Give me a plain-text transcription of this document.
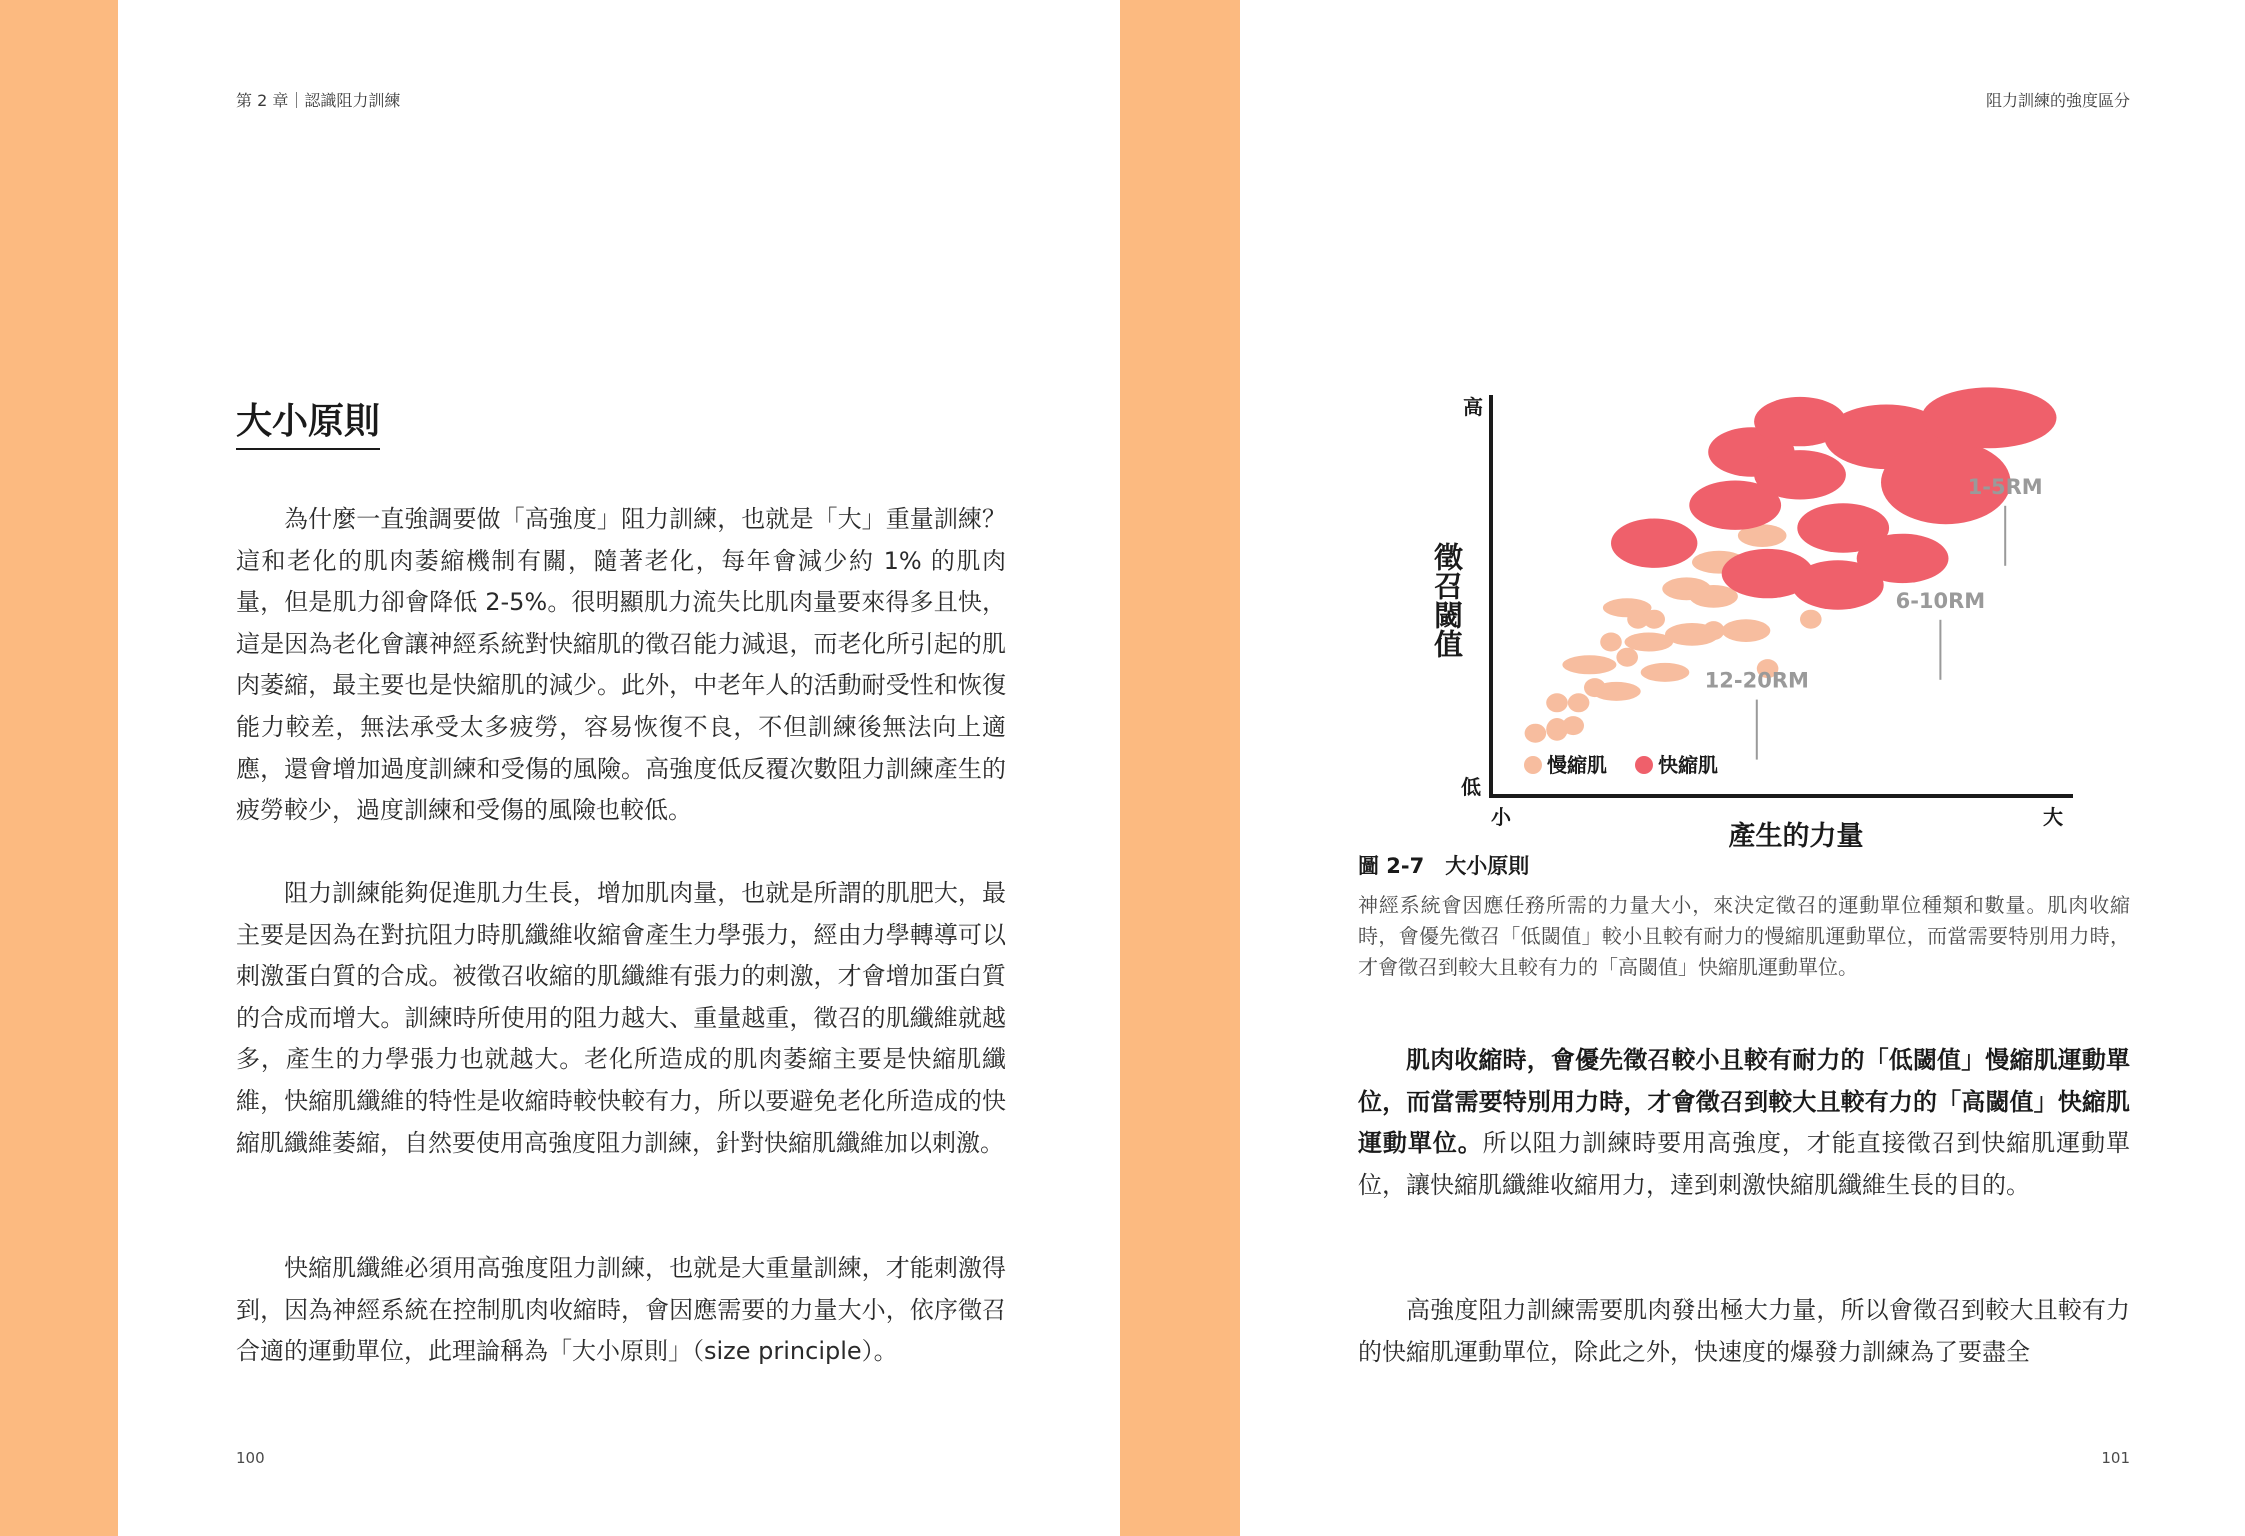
第 2 章｜認識阻力訓練
大小原則

為什麼一直強調要做「高強度」阻力訓練，也就是「大」重量訓練？這和老化的肌肉萎縮機制有關，隨著老化，每年會減少約 1% 的肌肉量，但是肌力卻會降低 2-5%。很明顯肌力流失比肌肉量要來得多且快，這是因為老化會讓神經系統對快縮肌的徵召能力減退，而老化所引起的肌肉萎縮，最主要也是快縮肌的減少。此外，中老年人的活動耐受性和恢復能力較差，無法承受太多疲勞，容易恢復不良，不但訓練後無法向上適應，還會增加過度訓練和受傷的風險。高強度低反覆次數阻力訓練產生的疲勞較少，過度訓練和受傷的風險也較低。

阻力訓練能夠促進肌力生長，增加肌肉量，也就是所謂的肌肥大，最主要是因為在對抗阻力時肌纖維收縮會產生力學張力，經由力學轉導可以刺激蛋白質的合成。被徵召收縮的肌纖維有張力的刺激，才會增加蛋白質的合成而增大。訓練時所使用的阻力越大、重量越重，徵召的肌纖維就越多，產生的力學張力也就越大。老化所造成的肌肉萎縮主要是快縮肌纖維，快縮肌纖維的特性是收縮時較快較有力，所以要避免老化所造成的快縮肌纖維萎縮，自然要使用高強度阻力訓練，針對快縮肌纖維加以刺激。

快縮肌纖維必須用高強度阻力訓練，也就是大重量訓練，才能刺激得到，因為神經系統在控制肌肉收縮時，會因應需要的力量大小，依序徵召合適的運動單位，此理論稱為「大小原則」（size principle）。

100
阻力訓練的強度區分
12-20RM
6-10RM
1-5RM
高
低
小	大
產生的力量
徵召閾值
慢縮肌	快縮肌
圖 2-7　大小原則

神經系統會因應任務所需的力量大小，來決定徵召的運動單位種類和數量。肌肉收縮時，會優先徵召「低閾值」較小且較有耐力的慢縮肌運動單位，而當需要特別用力時，才會徵召到較大且較有力的「高閾值」快縮肌運動單位。

肌肉收縮時，會優先徵召較小且較有耐力的「低閾值」慢縮肌運動單位，而當需要特別用力時，才會徵召到較大且較有力的「高閾值」快縮肌運動單位。所以阻力訓練時要用高強度，才能直接徵召到快縮肌運動單位，讓快縮肌纖維收縮用力，達到刺激快縮肌纖維生長的目的。

高強度阻力訓練需要肌肉發出極大力量，所以會徵召到較大且較有力的快縮肌運動單位，除此之外，快速度的爆發力訓練為了要盡全

101
